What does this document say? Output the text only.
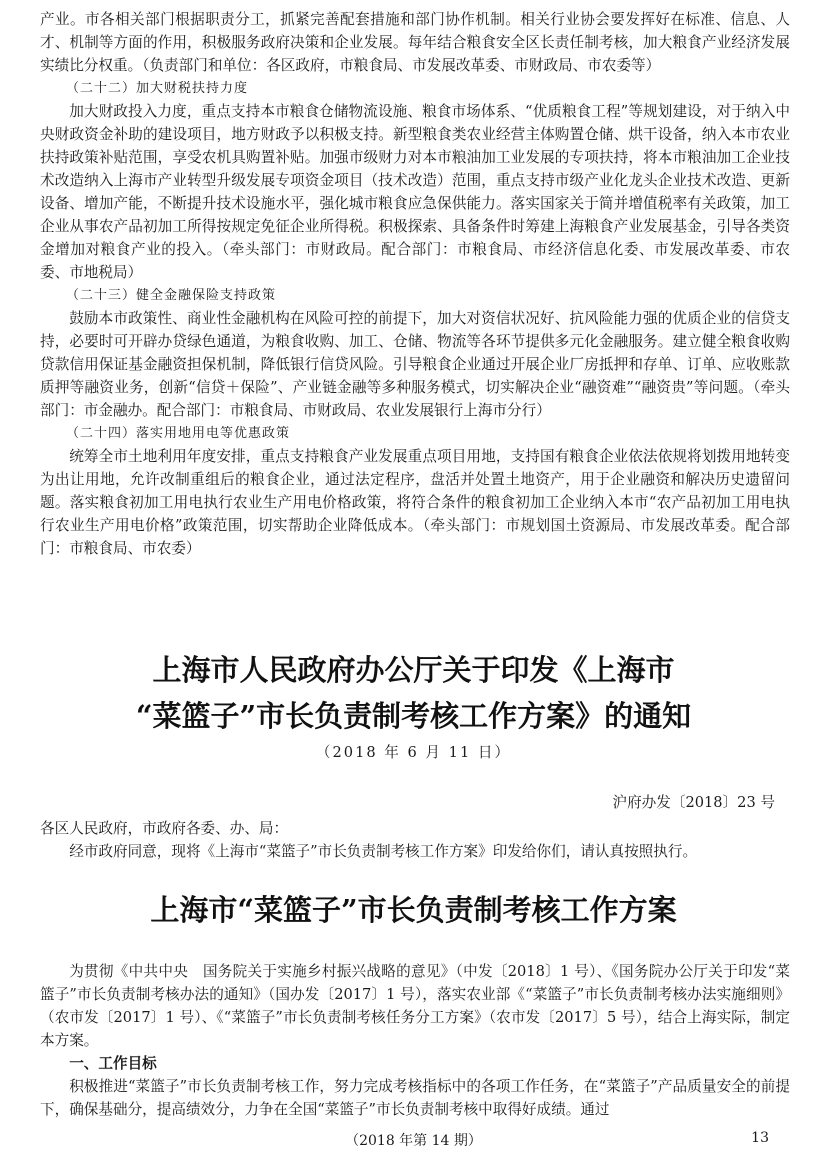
产业。市各相关部门根据职责分工，抓紧完善配套措施和部门协作机制。相关行业协会要发挥好在标准、信息、人才、机制等方面的作用，积极服务政府决策和企业发展。每年结合粮食安全区长责任制考核，加大粮食产业经济发展实绩比分权重。（负责部门和单位：各区政府，市粮食局、市发展改革委、市财政局、市农委等）

（二十二）加大财税扶持力度

加大财政投入力度，重点支持本市粮食仓储物流设施、粮食市场体系、“优质粮食工程”等规划建设，对于纳入中央财政资金补助的建设项目，地方财政予以积极支持。新型粮食类农业经营主体购置仓储、烘干设备，纳入本市农业扶持政策补贴范围，享受农机具购置补贴。加强市级财力对本市粮油加工业发展的专项扶持，将本市粮油加工企业技术改造纳入上海市产业转型升级发展专项资金项目（技术改造）范围，重点支持市级产业化龙头企业技术改造、更新设备、增加产能，不断提升技术设施水平，强化城市粮食应急保供能力。落实国家关于简并增值税率有关政策，加工企业从事农产品初加工所得按规定免征企业所得税。积极探索、具备条件时筹建上海粮食产业发展基金，引导各类资金增加对粮食产业的投入。（牵头部门：市财政局。配合部门：市粮食局、市经济信息化委、市发展改革委、市农委、市地税局）

（二十三）健全金融保险支持政策

鼓励本市政策性、商业性金融机构在风险可控的前提下，加大对资信状况好、抗风险能力强的优质企业的信贷支持，必要时可开辟办贷绿色通道，为粮食收购、加工、仓储、物流等各环节提供多元化金融服务。建立健全粮食收购贷款信用保证基金融资担保机制，降低银行信贷风险。引导粮食企业通过开展企业厂房抵押和存单、订单、应收账款质押等融资业务，创新“信贷＋保险”、产业链金融等多种服务模式，切实解决企业“融资难”“融资贵”等问题。（牵头部门：市金融办。配合部门：市粮食局、市财政局、农业发展银行上海市分行）

（二十四）落实用地用电等优惠政策

统筹全市土地利用年度安排，重点支持粮食产业发展重点项目用地，支持国有粮食企业依法依规将划拨用地转变为出让用地，允许改制重组后的粮食企业，通过法定程序，盘活并处置土地资产，用于企业融资和解决历史遗留问题。落实粮食初加工用电执行农业生产用电价格政策，将符合条件的粮食初加工企业纳入本市“农产品初加工用电执行农业生产用电价格”政策范围，切实帮助企业降低成本。（牵头部门：市规划国土资源局、市发展改革委。配合部门：市粮食局、市农委）

上海市人民政府办公厅关于印发《上海市
“菜篮子”市长负责制考核工作方案》的通知
（2018 年 6 月 11 日）
沪府办发〔2018〕23 号

各区人民政府，市政府各委、办、局：

经市政府同意，现将《上海市“菜篮子”市长负责制考核工作方案》印发给你们，请认真按照执行。

上海市“菜篮子”市长负责制考核工作方案

为贯彻《中共中央　国务院关于实施乡村振兴战略的意见》（中发〔2018〕1 号）、《国务院办公厅关于印发“菜篮子”市长负责制考核办法的通知》（国办发〔2017〕1 号），落实农业部《“菜篮子”市长负责制考核办法实施细则》（农市发〔2017〕1 号）、《“菜篮子”市长负责制考核任务分工方案》（农市发〔2017〕5 号），结合上海实际，制定本方案。

一、工作目标

积极推进“菜篮子”市长负责制考核工作，努力完成考核指标中的各项工作任务，在“菜篮子”产品质量安全的前提下，确保基础分，提高绩效分，力争在全国“菜篮子”市长负责制考核中取得好成绩。通过

（2018 年第 14 期）	13
